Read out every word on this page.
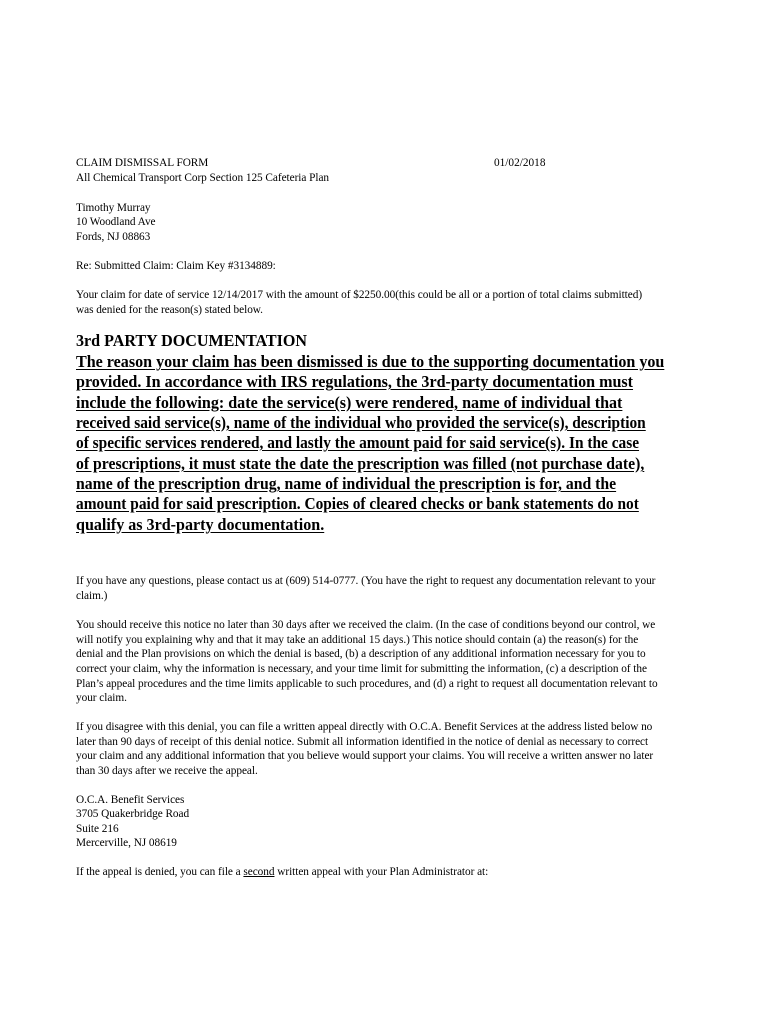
CLAIM DISMISSAL FORM	01/02/2018
All Chemical Transport Corp Section 125 Cafeteria Plan
Timothy Murray
10 Woodland Ave
Fords, NJ 08863
Re: Submitted Claim: Claim Key #3134889:
Your claim for date of service 12/14/2017 with the amount of $2250.00(this could be all or a portion of total claims submitted)
was denied for the reason(s) stated below.
3rd PARTY DOCUMENTATION
The reason your claim has been dismissed is due to the supporting documentation you
provided. In accordance with IRS regulations, the 3rd-party documentation must
include the following: date the service(s) were rendered, name of individual that
received said service(s), name of the individual who provided the service(s), description
of specific services rendered, and lastly the amount paid for said service(s). In the case
of prescriptions, it must state the date the prescription was filled (not purchase date),
name of the prescription drug, name of individual the prescription is for, and the
amount paid for said prescription. Copies of cleared checks or bank statements do not
qualify as 3rd-party documentation.
If you have any questions, please contact us at (609) 514-0777. (You have the right to request any documentation relevant to your
claim.)
You should receive this notice no later than 30 days after we received the claim. (In the case of conditions beyond our control, we
will notify you explaining why and that it may take an additional 15 days.) This notice should contain (a) the reason(s) for the
denial and the Plan provisions on which the denial is based, (b) a description of any additional information necessary for you to
correct your claim, why the information is necessary, and your time limit for submitting the information, (c) a description of the
Plan’s appeal procedures and the time limits applicable to such procedures, and (d) a right to request all documentation relevant to
your claim.
If you disagree with this denial, you can file a written appeal directly with O.C.A. Benefit Services at the address listed below no
later than 90 days of receipt of this denial notice. Submit all information identified in the notice of denial as necessary to correct
your claim and any additional information that you believe would support your claims. You will receive a written answer no later
than 30 days after we receive the appeal.
O.C.A. Benefit Services
3705 Quakerbridge Road
Suite 216
Mercerville, NJ 08619
If the appeal is denied, you can file a second written appeal with your Plan Administrator at:
